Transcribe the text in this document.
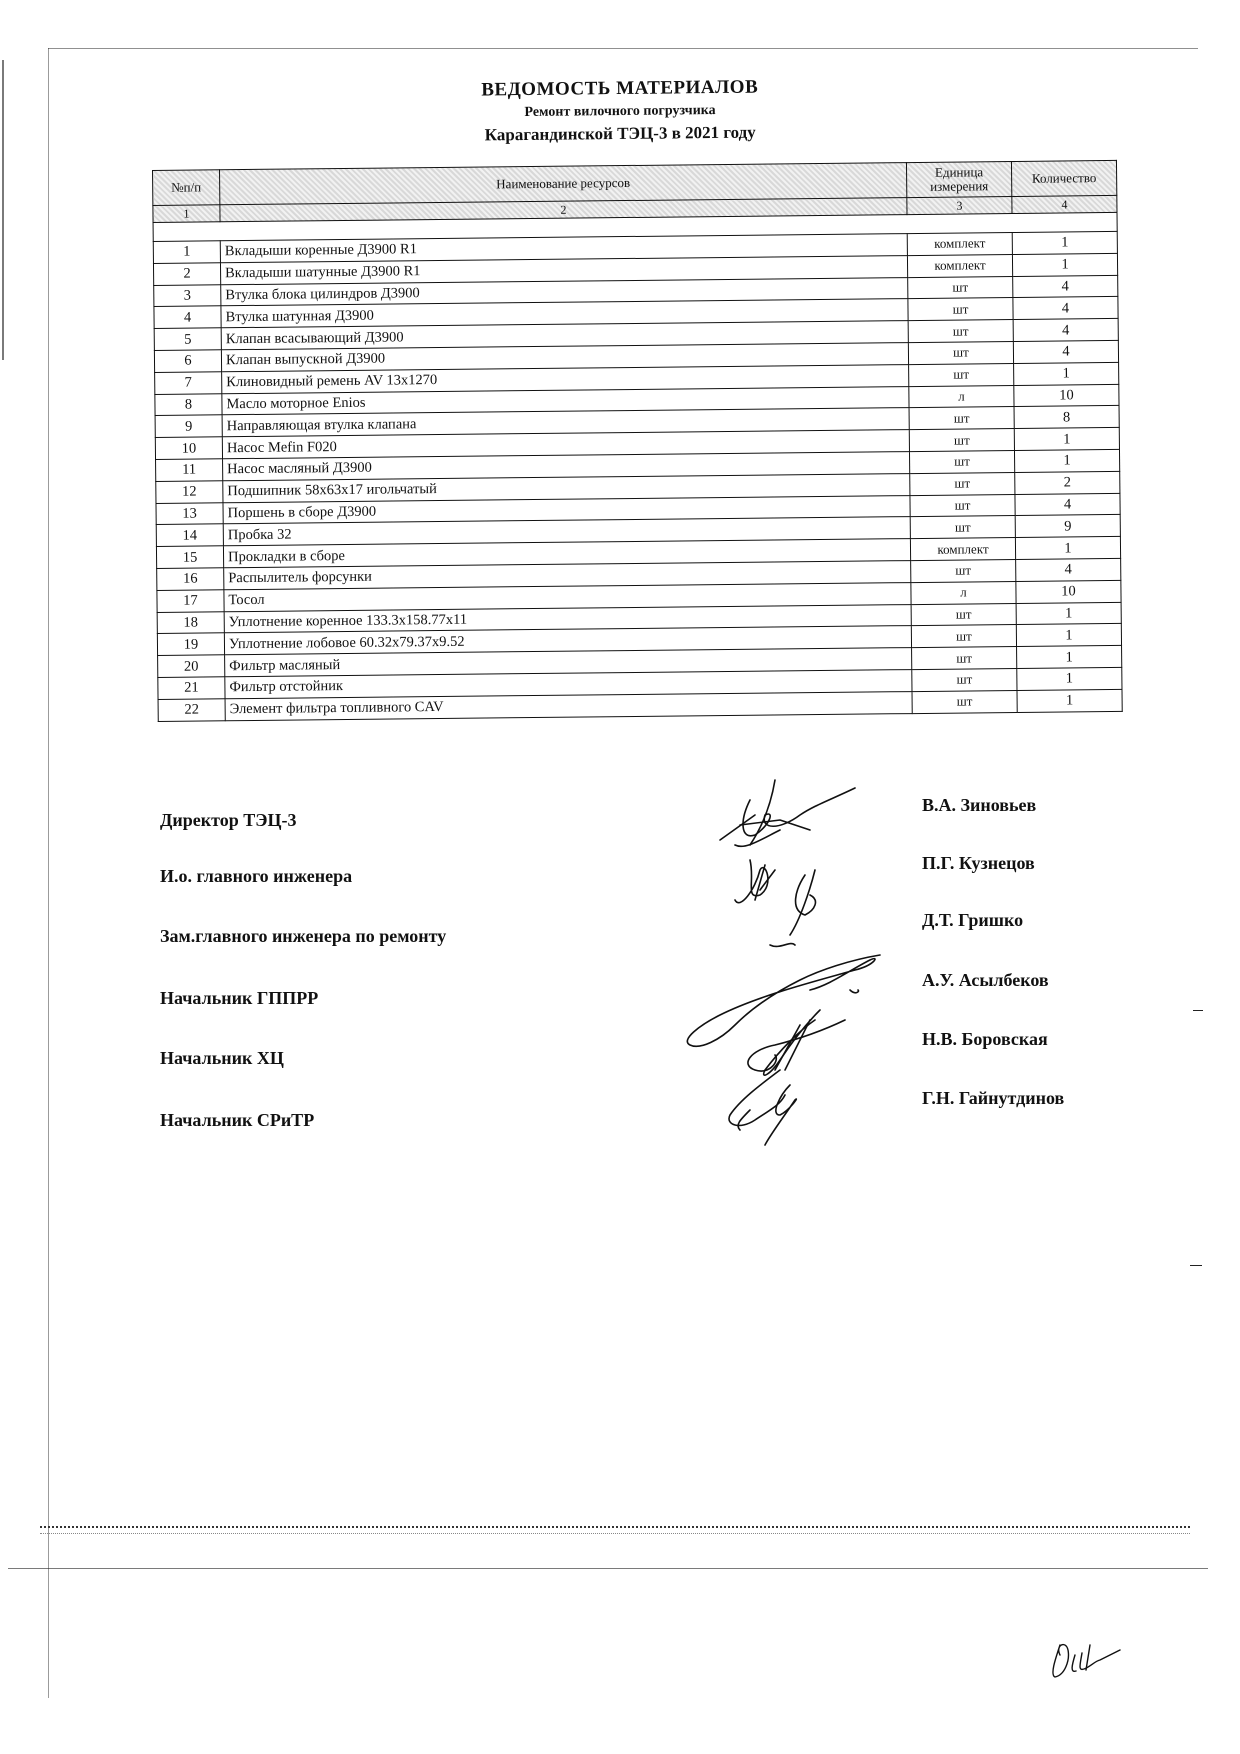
ВЕДОМОСТЬ МАТЕРИАЛОВ

Ремонт вилочного погрузчика

Карагандинской ТЭЦ-3 в 2021 году

№п/п	Наименование ресурсов	Единица измерения	Количество
1	2	3	4

1	Вкладыши коренные Д3900 R1	комплект	1
2	Вкладыши шатунные Д3900 R1	комплект	1
3	Втулка блока цилиндров Д3900	шт	4
4	Втулка шатунная Д3900	шт	4
5	Клапан всасывающий Д3900	шт	4
6	Клапан выпускной Д3900	шт	4
7	Клиновидный ремень AV 13x1270	шт	1
8	Масло моторное Enios	л	10
9	Направляющая втулка клапана	шт	8
10	Насос Mefin F020	шт	1
11	Насос масляный Д3900	шт	1
12	Подшипник 58х63х17 игольчатый	шт	2
13	Поршень в сборе Д3900	шт	4
14	Пробка 32	шт	9
15	Прокладки в сборе	комплект	1
16	Распылитель форсунки	шт	4
17	Тосол	л	10
18	Уплотнение коренное 133.3х158.77х11	шт	1
19	Уплотнение лобовое 60.32х79.37х9.52	шт	1
20	Фильтр масляный	шт	1
21	Фильтр отстойник	шт	1
22	Элемент фильтра топливного CAV	шт	1
Директор ТЭЦ-3
В.А. Зиновьев
И.о. главного инженера
П.Г. Кузнецов
Зам.главного инженера по ремонту
Д.Т. Гришко
Начальник ГППРР
А.У. Асылбеков
Начальник ХЦ
Н.В. Боровская
Начальник СРиТР
Г.Н. Гайнутдинов
